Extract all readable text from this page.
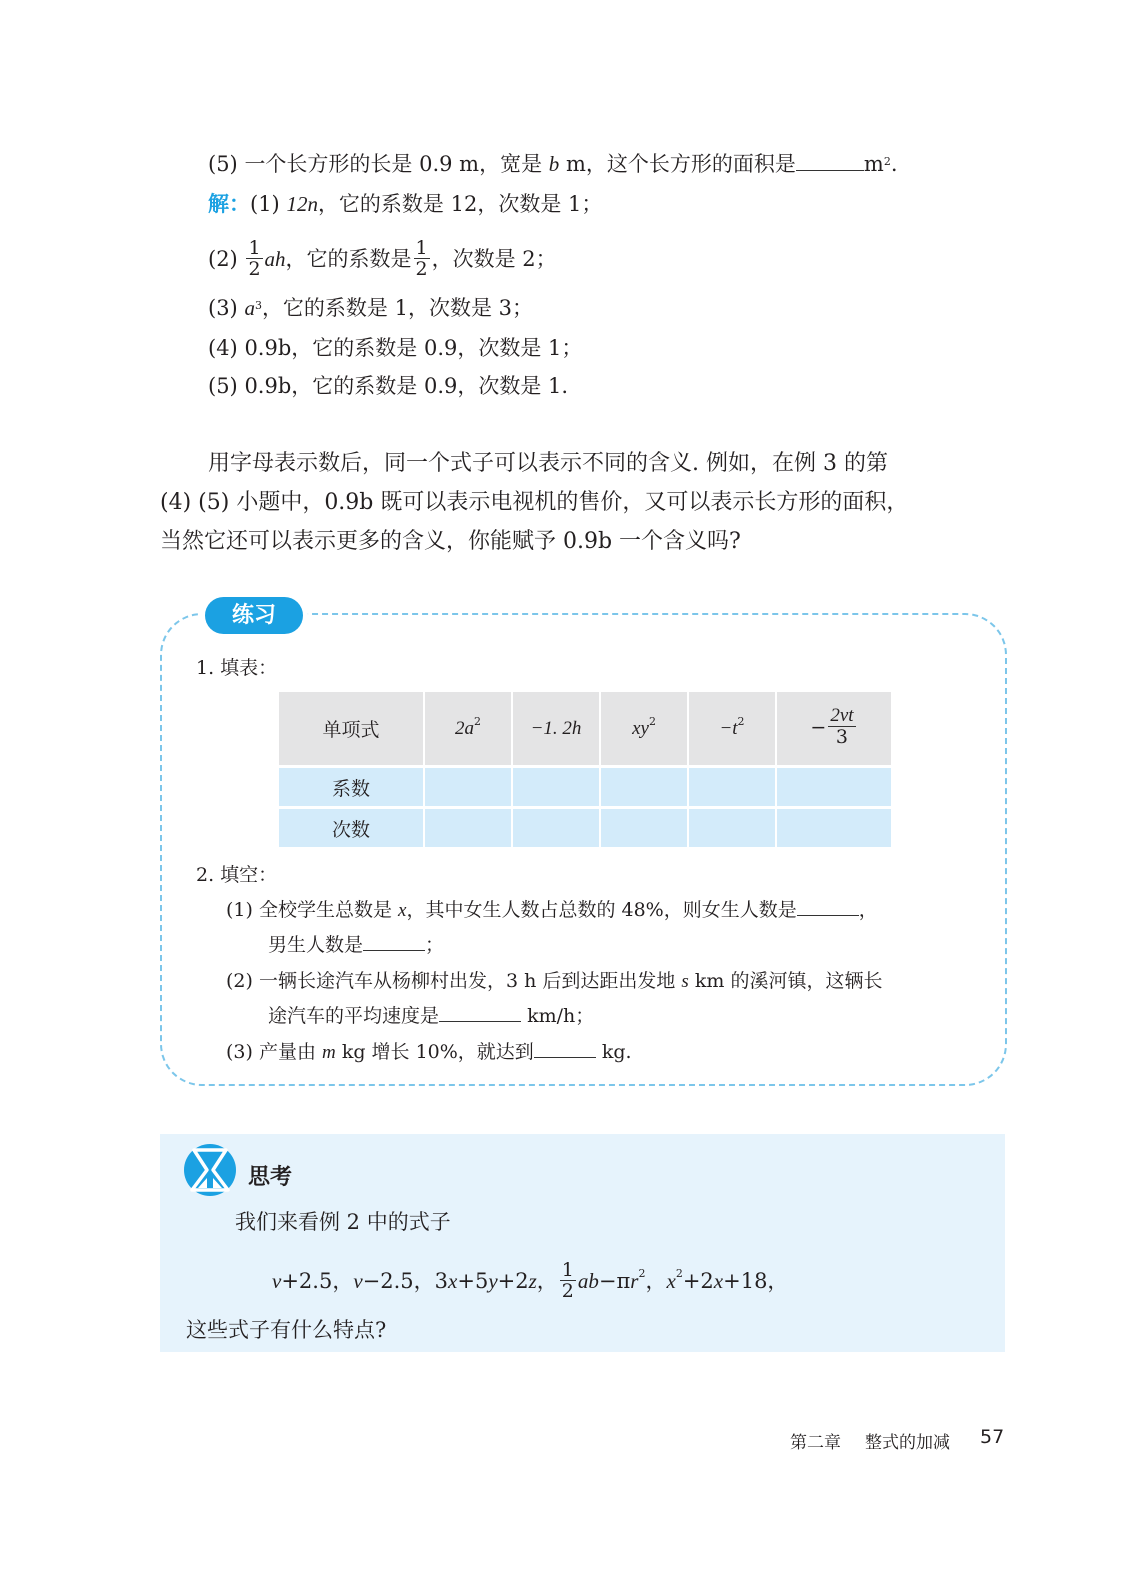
(5) 一个长方形的长是 0.9 m，宽是 b m，这个长方形的面积是	$m^2$.
解：(1) 12n，它的系数是 12，次数是 1；
$(2) \frac{1}{2}$ ah，它的系数是 $\frac{1}{2}$ ，次数是 2；
(3) $a^3$，它的系数是 1，次数是 3；
(4) 0.9b，它的系数是 0.9，次数是 1；
(5) 0.9b，它的系数是 0.9，次数是 1.
用字母表示数后，同一个式子可以表示不同的含义. 例如，在例 3 的第
(4) (5) 小题中，0.9b 既可以表示电视机的售价，又可以表示长方形的面积，
当然它还可以表示更多的含义，你能赋予 0.9b 一个含义吗?
练习
1. 填表：
单项式	$2a^2$	−1. 2h	$xy^2$	$-t^2$	− $\frac{2vt}{3}$

系数					
次数					
2. 填空：
(1) 全校学生总数是 x，其中女生人数占总数的 48%，则女生人数是	，
男生人数是	；
(2) 一辆长途汽车从杨柳村出发，3 h 后到达距出发地 s km 的溪河镇，这辆长
途汽车的平均速度是	km/h；
(3) 产量由 m kg 增长 10%，就达到	kg.
思考
我们来看例 2 中的式子
v+2.5，v−2.5，3x+5y+2z， $\frac{1}{2} ab-\pi r^2$，$x^2+2x+18$，
这些式子有什么特点?
第二章 整式的加减 57
